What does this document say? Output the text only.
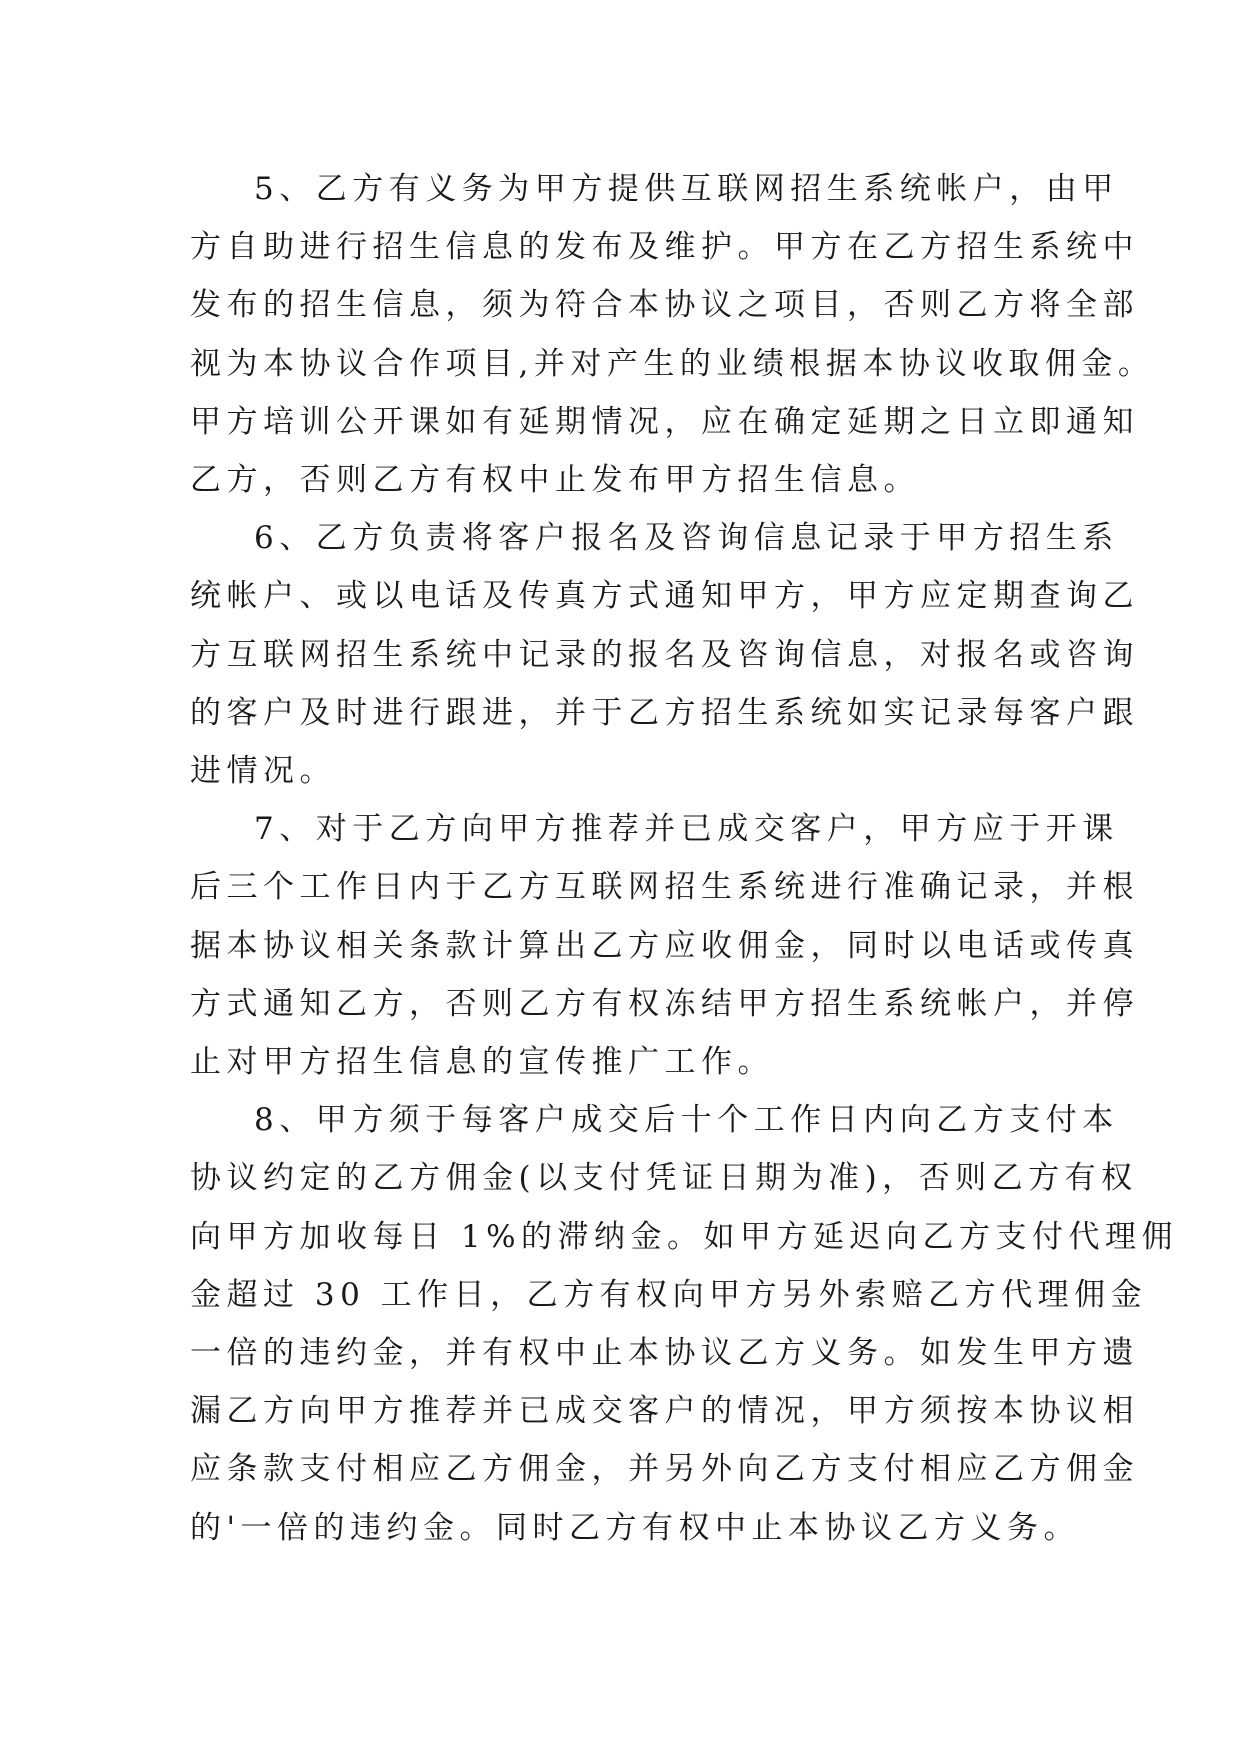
5、乙方有义务为甲方提供互联网招生系统帐户，由甲
方自助进行招生信息的发布及维护。甲方在乙方招生系统中
发布的招生信息，须为符合本协议之项目，否则乙方将全部
视为本协议合作项目,并对产生的业绩根据本协议收取佣金。
甲方培训公开课如有延期情况，应在确定延期之日立即通知
乙方，否则乙方有权中止发布甲方招生信息。
6、乙方负责将客户报名及咨询信息记录于甲方招生系
统帐户、或以电话及传真方式通知甲方，甲方应定期查询乙
方互联网招生系统中记录的报名及咨询信息，对报名或咨询
的客户及时进行跟进，并于乙方招生系统如实记录每客户跟
进情况。
7、对于乙方向甲方推荐并已成交客户，甲方应于开课
后三个工作日内于乙方互联网招生系统进行准确记录，并根
据本协议相关条款计算出乙方应收佣金，同时以电话或传真
方式通知乙方，否则乙方有权冻结甲方招生系统帐户，并停
止对甲方招生信息的宣传推广工作。
8、甲方须于每客户成交后十个工作日内向乙方支付本
协议约定的乙方佣金(以支付凭证日期为准)，否则乙方有权
向甲方加收每日 1%的滞纳金。如甲方延迟向乙方支付代理佣
金超过 30 工作日，乙方有权向甲方另外索赔乙方代理佣金
一倍的违约金，并有权中止本协议乙方义务。如发生甲方遗
漏乙方向甲方推荐并已成交客户的情况，甲方须按本协议相
应条款支付相应乙方佣金，并另外向乙方支付相应乙方佣金
的'一倍的违约金。同时乙方有权中止本协议乙方义务。
